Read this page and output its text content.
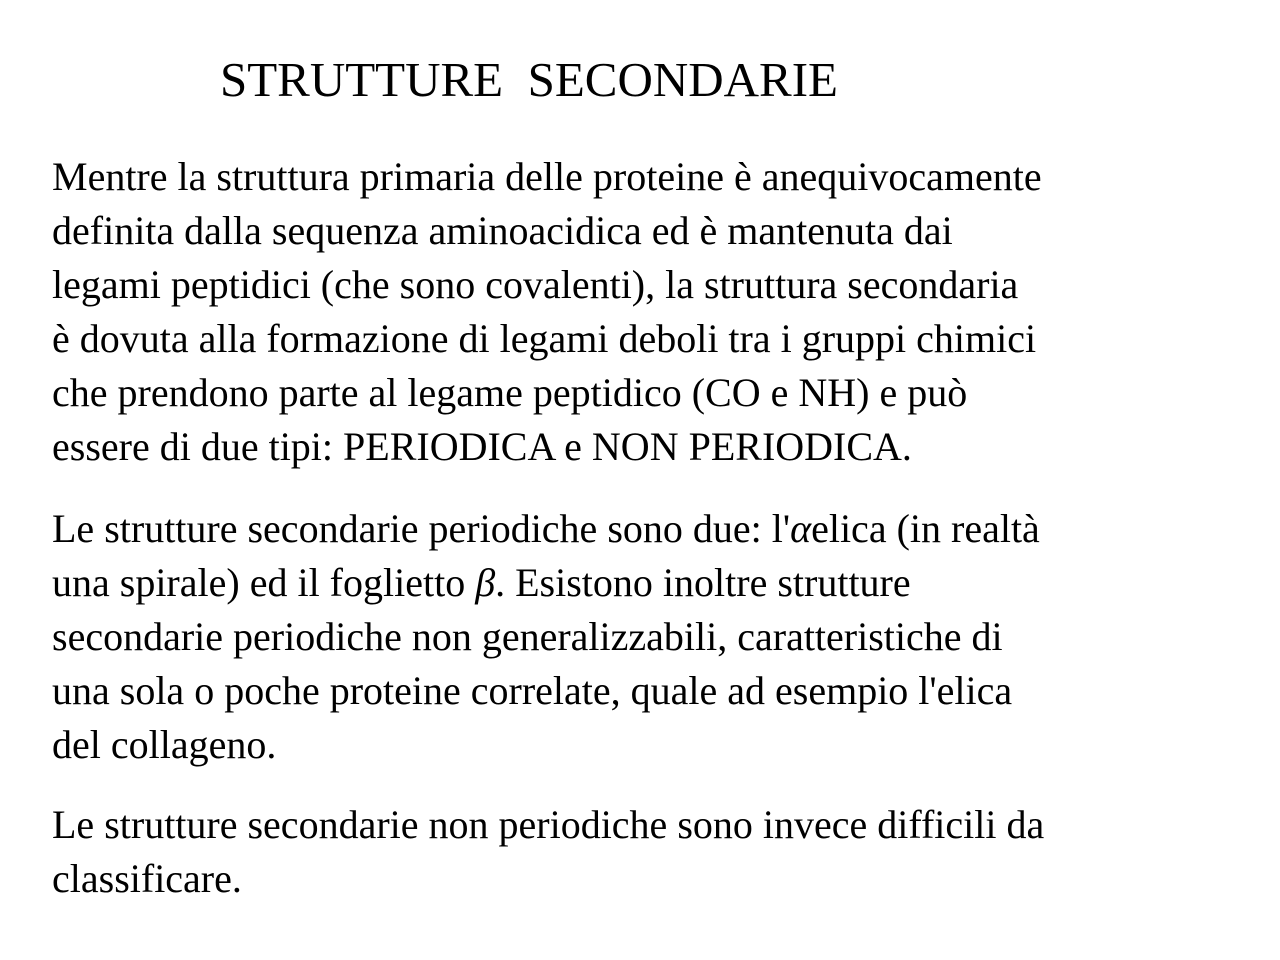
STRUTTURE  SECONDARIE
Mentre la struttura primaria delle proteine è anequivocamente
definita dalla sequenza aminoacidica ed è mantenuta dai
legami peptidici (che sono covalenti), la struttura secondaria
è dovuta alla formazione di legami deboli tra i gruppi chimici
che prendono parte al legame peptidico (CO e NH) e può
essere di due tipi: PERIODICA e NON PERIODICA.
Le strutture secondarie periodiche sono due: l'αelica (in realtà
una spirale) ed il foglietto β. Esistono inoltre strutture
secondarie periodiche non generalizzabili, caratteristiche di
una sola o poche proteine correlate, quale ad esempio l'elica
del collageno.
Le strutture secondarie non periodiche sono invece difficili da
classificare.
